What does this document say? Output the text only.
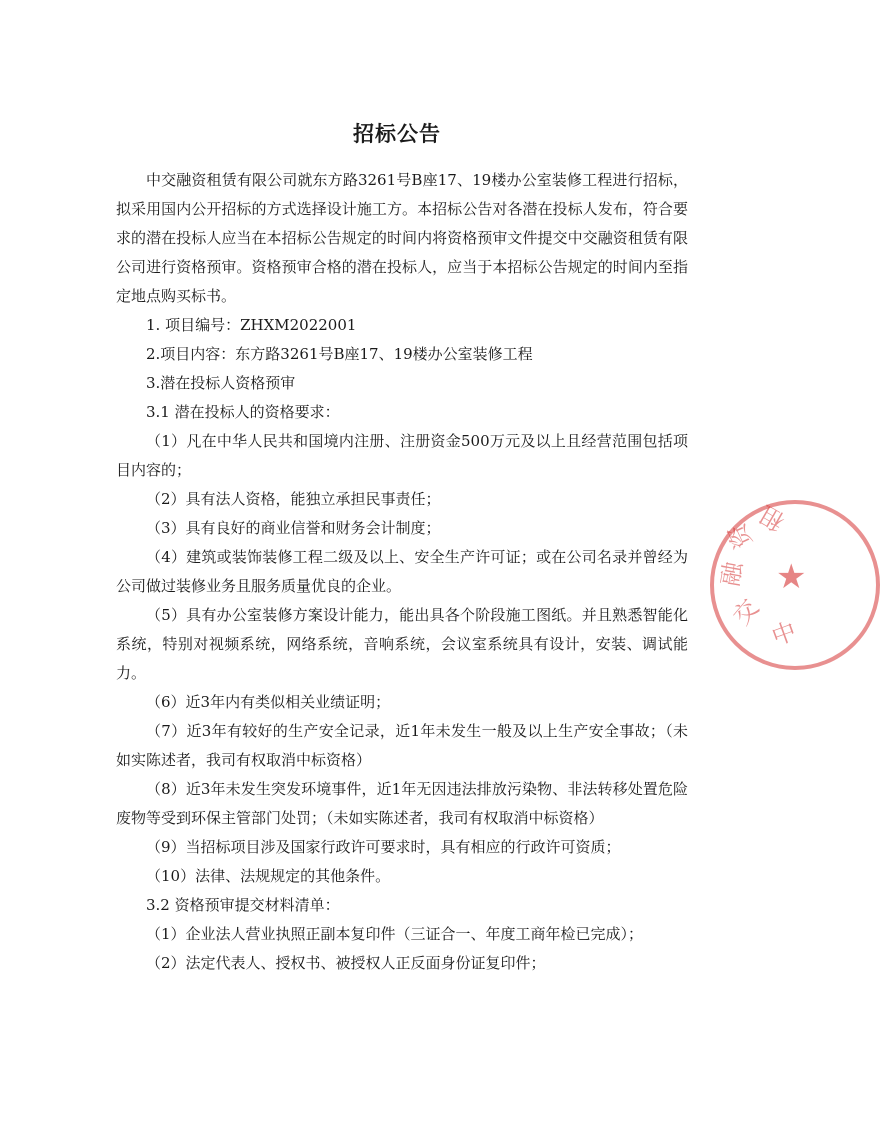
招标公告

中交融资租赁有限公司就东方路3261号B座17、19楼办公室装修工程进行招标，拟采用国内公开招标的方式选择设计施工方。本招标公告对各潜在投标人发布，符合要求的潜在投标人应当在本招标公告规定的时间内将资格预审文件提交中交融资租赁有限公司进行资格预审。资格预审合格的潜在投标人，应当于本招标公告规定的时间内至指定地点购买标书。

1. 项目编号：ZHXM2022001

2.项目内容：东方路3261号B座17、19楼办公室装修工程

3.潜在投标人资格预审

3.1 潜在投标人的资格要求：

（1）凡在中华人民共和国境内注册、注册资金500万元及以上且经营范围包括项目内容的；

（2）具有法人资格，能独立承担民事责任；

（3）具有良好的商业信誉和财务会计制度；

（4）建筑或装饰装修工程二级及以上、安全生产许可证；或在公司名录并曾经为公司做过装修业务且服务质量优良的企业。

（5）具有办公室装修方案设计能力，能出具各个阶段施工图纸。并且熟悉智能化系统，特别对视频系统，网络系统，音响系统，会议室系统具有设计，安装、调试能力。

（6）近3年内有类似相关业绩证明；

（7）近3年有较好的生产安全记录，近1年未发生一般及以上生产安全事故；（未如实陈述者，我司有权取消中标资格）

（8）近3年未发生突发环境事件，近1年无因违法排放污染物、非法转移处置危险废物等受到环保主管部门处罚；（未如实陈述者，我司有权取消中标资格）

（9）当招标项目涉及国家行政许可要求时，具有相应的行政许可资质；

（10）法律、法规规定的其他条件。

3.2 资格预审提交材料清单：

（1）企业法人营业执照正副本复印件（三证合一、年度工商年检已完成）；

（2）法定代表人、授权书、被授权人正反面身份证复印件；

★
中
交
融
资
租
